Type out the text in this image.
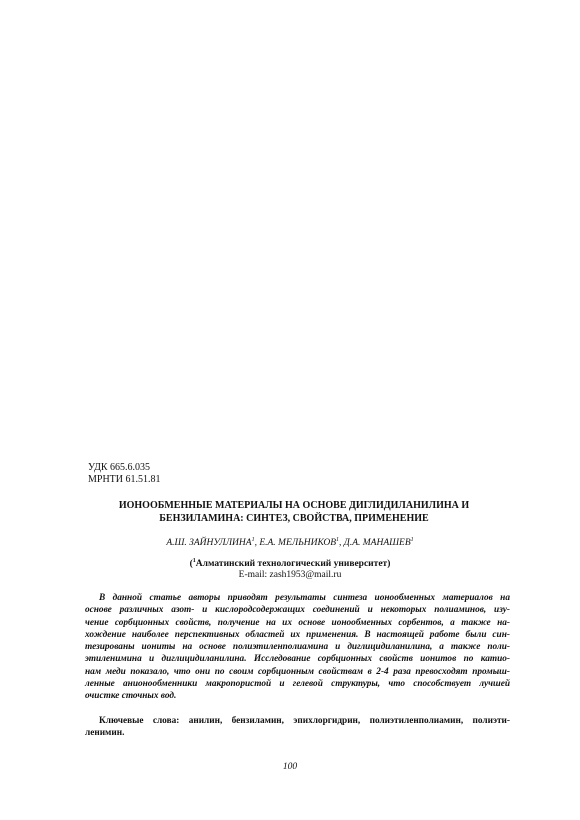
УДК 665.6.035
МРНТИ 61.51.81
ИОНООБМЕННЫЕ МАТЕРИАЛЫ НА ОСНОВЕ ДИГЛИДИЛАНИЛИНА И
БЕНЗИЛАМИНА: СИНТЕЗ, СВОЙСТВА, ПРИМЕНЕНИЕ
А.Ш. ЗАЙНУЛЛИНА$^1$, Е.А. МЕЛЬНИКОВ$^1$, Д.А. МАНАШЕВ$^1$
($^1$Алматинский технологический университет)
E-mail: zash1953@mail.ru
В данной статье авторы приводят результаты синтеза ионообменных материалов на
основе различных азот- и кислородсодержащих соединений и некоторых полиаминов, изу-
чение сорбционных свойств, получение на их основе ионообменных сорбентов, а также на-
хождение наиболее перспективных областей их применения. В настоящей работе были син-
тезированы иониты на основе полиэтиленполиамина и диглицидиланилина, а также поли-
этиленимина и диглицидиланилина. Исследование сорбционных свойств ионитов по катио-
нам меди показало, что они по своим сорбционным свойствам в 2-4 раза превосходят промыш-
ленные анионообменники макропористой и гелевой структуры, что способствует лучшей
очистке сточных вод.
Ключевые слова: анилин, бензиламин, эпихлоргидрин, полиэтиленполиамин, полиэти-
ленимин.
100
